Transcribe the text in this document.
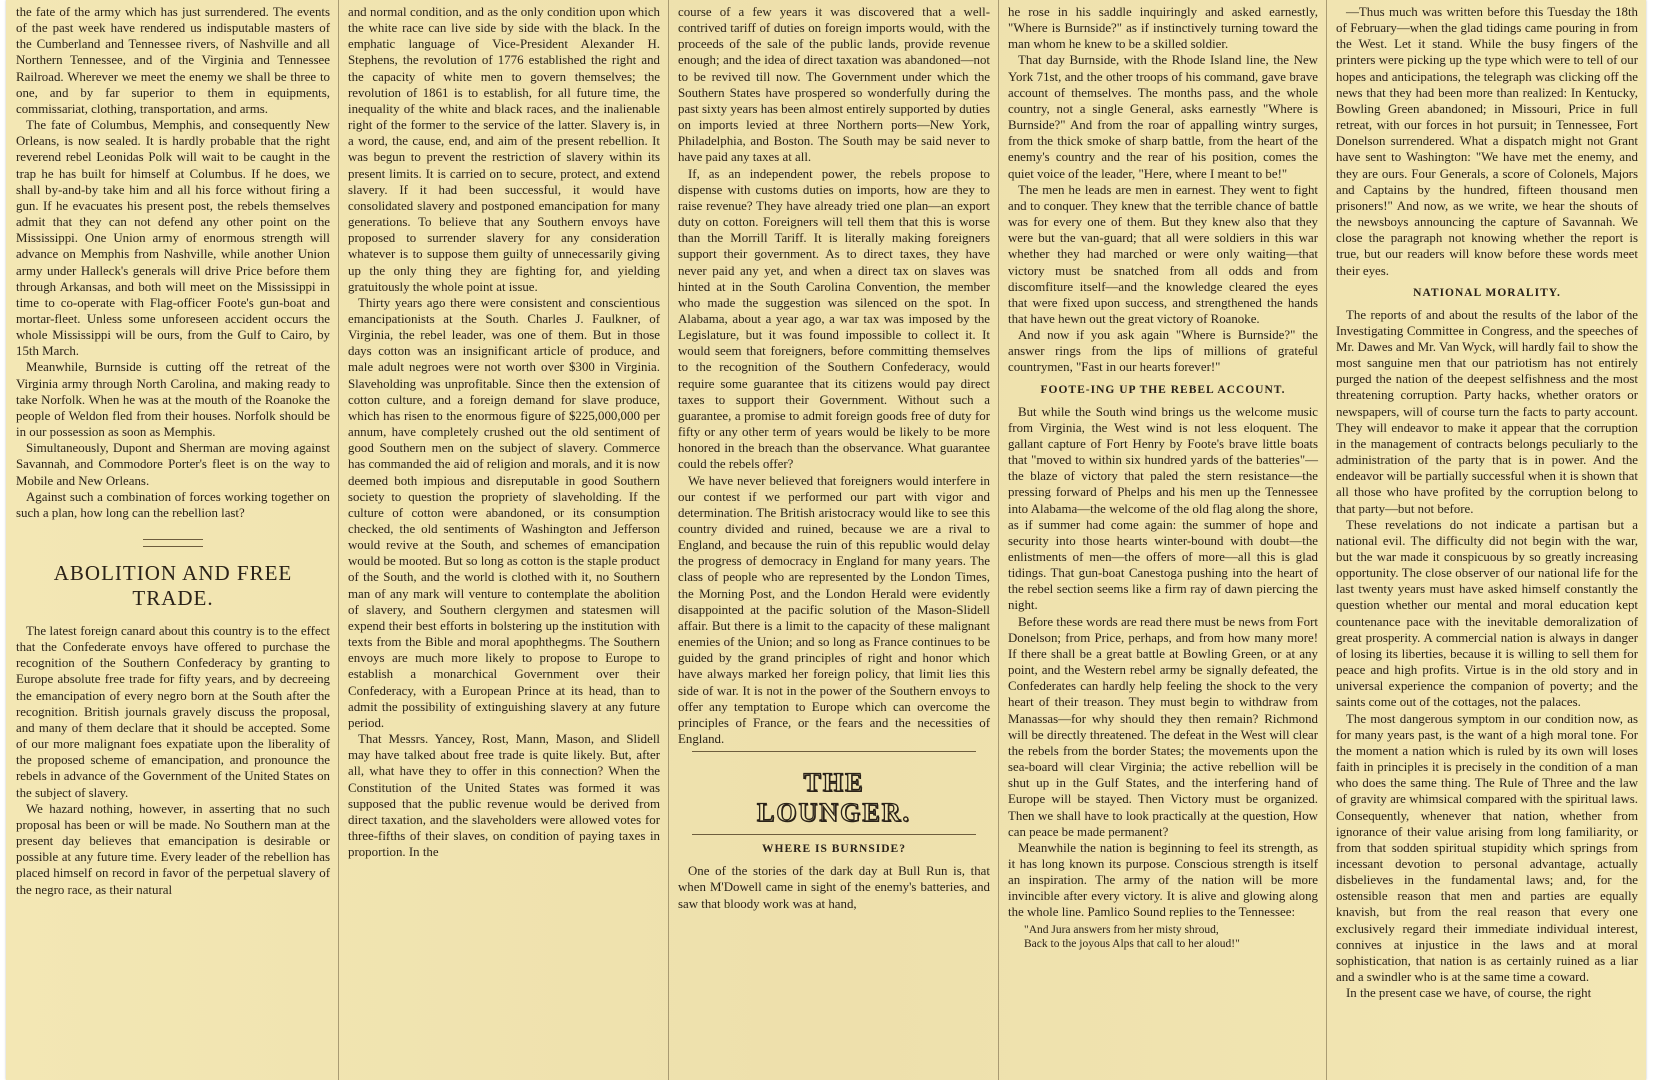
the fate of the army which has just surrendered. The events of the past week have rendered us indisputable masters of the Cumberland and Tennessee rivers, of Nashville and all Northern Tennessee, and of the Virginia and Tennessee Railroad. Wherever we meet the enemy we shall be three to one, and by far superior to them in equipments, commissariat, clothing, transportation, and arms.

The fate of Columbus, Memphis, and consequently New Orleans, is now sealed. It is hardly probable that the right reverend rebel Leonidas Polk will wait to be caught in the trap he has built for himself at Columbus. If he does, we shall by-and-by take him and all his force without firing a gun. If he evacuates his present post, the rebels themselves admit that they can not defend any other point on the Mississippi. One Union army of enormous strength will advance on Memphis from Nashville, while another Union army under Halleck's generals will drive Price before them through Arkansas, and both will meet on the Mississippi in time to co-operate with Flag-officer Foote's gun-boat and mortar-fleet. Unless some unforeseen accident occurs the whole Mississippi will be ours, from the Gulf to Cairo, by 15th March.

Meanwhile, Burnside is cutting off the retreat of the Virginia army through North Carolina, and making ready to take Norfolk. When he was at the mouth of the Roanoke the people of Weldon fled from their houses. Norfolk should be in our possession as soon as Memphis.

Simultaneously, Dupont and Sherman are moving against Savannah, and Commodore Porter's fleet is on the way to Mobile and New Orleans.

Against such a combination of forces working together on such a plan, how long can the rebellion last?

ABOLITION AND FREE TRADE.

The latest foreign canard about this country is to the effect that the Confederate envoys have offered to purchase the recognition of the Southern Confederacy by granting to Europe absolute free trade for fifty years, and by decreeing the emancipation of every negro born at the South after the recognition. British journals gravely discuss the proposal, and many of them declare that it should be accepted. Some of our more malignant foes expatiate upon the liberality of the proposed scheme of emancipation, and pronounce the rebels in advance of the Government of the United States on the subject of slavery.

We hazard nothing, however, in asserting that no such proposal has been or will be made. No Southern man at the present day believes that emancipation is desirable or possible at any future time. Every leader of the rebellion has placed himself on record in favor of the perpetual slavery of the negro race, as their natural

and normal condition, and as the only condition upon which the white race can live side by side with the black. In the emphatic language of Vice-President Alexander H. Stephens, the revolution of 1776 established the right and the capacity of white men to govern themselves; the revolution of 1861 is to establish, for all future time, the inequality of the white and black races, and the inalienable right of the former to the service of the latter. Slavery is, in a word, the cause, end, and aim of the present rebellion. It was begun to prevent the restriction of slavery within its present limits. It is carried on to secure, protect, and extend slavery. If it had been successful, it would have consolidated slavery and postponed emancipation for many generations. To believe that any Southern envoys have proposed to surrender slavery for any consideration whatever is to suppose them guilty of unnecessarily giving up the only thing they are fighting for, and yielding gratuitously the whole point at issue.

Thirty years ago there were consistent and conscientious emancipationists at the South. Charles J. Faulkner, of Virginia, the rebel leader, was one of them. But in those days cotton was an insignificant article of produce, and male adult negroes were not worth over $300 in Virginia. Slaveholding was unprofitable. Since then the extension of cotton culture, and a foreign demand for slave produce, which has risen to the enormous figure of $225,000,000 per annum, have completely crushed out the old sentiment of good Southern men on the subject of slavery. Commerce has commanded the aid of religion and morals, and it is now deemed both impious and disreputable in good Southern society to question the propriety of slaveholding. If the culture of cotton were abandoned, or its consumption checked, the old sentiments of Washington and Jefferson would revive at the South, and schemes of emancipation would be mooted. But so long as cotton is the staple product of the South, and the world is clothed with it, no Southern man of any mark will venture to contemplate the abolition of slavery, and Southern clergymen and statesmen will expend their best efforts in bolstering up the institution with texts from the Bible and moral apophthegms. The Southern envoys are much more likely to propose to Europe to establish a monarchical Government over their Confederacy, with a European Prince at its head, than to admit the possibility of extinguishing slavery at any future period.

That Messrs. Yancey, Rost, Mann, Mason, and Slidell may have talked about free trade is quite likely. But, after all, what have they to offer in this connection? When the Constitution of the United States was formed it was supposed that the public revenue would be derived from direct taxation, and the slaveholders were allowed votes for three-fifths of their slaves, on condition of paying taxes in proportion. In the

course of a few years it was discovered that a well-contrived tariff of duties on foreign imports would, with the proceeds of the sale of the public lands, provide revenue enough; and the idea of direct taxation was abandoned—not to be revived till now. The Government under which the Southern States have prospered so wonderfully during the past sixty years has been almost entirely supported by duties on imports levied at three Northern ports—New York, Philadelphia, and Boston. The South may be said never to have paid any taxes at all.

If, as an independent power, the rebels propose to dispense with customs duties on imports, how are they to raise revenue? They have already tried one plan—an export duty on cotton. Foreigners will tell them that this is worse than the Morrill Tariff. It is literally making foreigners support their government. As to direct taxes, they have never paid any yet, and when a direct tax on slaves was hinted at in the South Carolina Convention, the member who made the suggestion was silenced on the spot. In Alabama, about a year ago, a war tax was imposed by the Legislature, but it was found impossible to collect it. It would seem that foreigners, before committing themselves to the recognition of the Southern Confederacy, would require some guarantee that its citizens would pay direct taxes to support their Government. Without such a guarantee, a promise to admit foreign goods free of duty for fifty or any other term of years would be likely to be more honored in the breach than the observance. What guarantee could the rebels offer?

We have never believed that foreigners would interfere in our contest if we performed our part with vigor and determination. The British aristocracy would like to see this country divided and ruined, because we are a rival to England, and because the ruin of this republic would delay the progress of democracy in England for many years. The class of people who are represented by the London Times, the Morning Post, and the London Herald were evidently disappointed at the pacific solution of the Mason-Slidell affair. But there is a limit to the capacity of these malignant enemies of the Union; and so long as France continues to be guided by the grand principles of right and honor which have always marked her foreign policy, that limit lies this side of war. It is not in the power of the Southern envoys to offer any temptation to Europe which can overcome the principles of France, or the fears and the necessities of England.

THE LOUNGER.
WHERE IS BURNSIDE?

One of the stories of the dark day at Bull Run is, that when M'Dowell came in sight of the enemy's batteries, and saw that bloody work was at hand,

he rose in his saddle inquiringly and asked earnestly, "Where is Burnside?" as if instinctively turning toward the man whom he knew to be a skilled soldier.

That day Burnside, with the Rhode Island line, the New York 71st, and the other troops of his command, gave brave account of themselves. The months pass, and the whole country, not a single General, asks earnestly "Where is Burnside?" And from the roar of appalling wintry surges, from the thick smoke of sharp battle, from the heart of the enemy's country and the rear of his position, comes the quiet voice of the leader, "Here, where I meant to be!"

The men he leads are men in earnest. They went to fight and to conquer. They knew that the terrible chance of battle was for every one of them. But they knew also that they were but the van-guard; that all were soldiers in this war whether they had marched or were only waiting—that victory must be snatched from all odds and from discomfiture itself—and the knowledge cleared the eyes that were fixed upon success, and strengthened the hands that have hewn out the great victory of Roanoke.

And now if you ask again "Where is Burnside?" the answer rings from the lips of millions of grateful countrymen, "Fast in our hearts forever!"

FOOTE-ING UP THE REBEL ACCOUNT.

But while the South wind brings us the welcome music from Virginia, the West wind is not less eloquent. The gallant capture of Fort Henry by Foote's brave little boats that "moved to within six hundred yards of the batteries"—the blaze of victory that paled the stern resistance—the pressing forward of Phelps and his men up the Tennessee into Alabama—the welcome of the old flag along the shore, as if summer had come again: the summer of hope and security into those hearts winter-bound with doubt—the enlistments of men—the offers of more—all this is glad tidings. That gun-boat Canestoga pushing into the heart of the rebel section seems like a firm ray of dawn piercing the night.

Before these words are read there must be news from Fort Donelson; from Price, perhaps, and from how many more! If there shall be a great battle at Bowling Green, or at any point, and the Western rebel army be signally defeated, the Confederates can hardly help feeling the shock to the very heart of their treason. They must begin to withdraw from Manassas—for why should they then remain? Richmond will be directly threatened. The defeat in the West will clear the rebels from the border States; the movements upon the sea-board will clear Virginia; the active rebellion will be shut up in the Gulf States, and the interfering hand of Europe will be stayed. Then Victory must be organized. Then we shall have to look practically at the question, How can peace be made permanent?

Meanwhile the nation is beginning to feel its strength, as it has long known its purpose. Conscious strength is itself an inspiration. The army of the nation will be more invincible after every victory. It is alive and glowing along the whole line. Pamlico Sound replies to the Tennessee:

"And Jura answers from her misty shroud,
Back to the joyous Alps that call to her aloud!"

—Thus much was written before this Tuesday the 18th of February—when the glad tidings came pouring in from the West. Let it stand. While the busy fingers of the printers were picking up the type which were to tell of our hopes and anticipations, the telegraph was clicking off the news that they had been more than realized: In Kentucky, Bowling Green abandoned; in Missouri, Price in full retreat, with our forces in hot pursuit; in Tennessee, Fort Donelson surrendered. What a dispatch might not Grant have sent to Washington: "We have met the enemy, and they are ours. Four Generals, a score of Colonels, Majors and Captains by the hundred, fifteen thousand men prisoners!" And now, as we write, we hear the shouts of the newsboys announcing the capture of Savannah. We close the paragraph not knowing whether the report is true, but our readers will know before these words meet their eyes.

NATIONAL MORALITY.

The reports of and about the results of the labor of the Investigating Committee in Congress, and the speeches of Mr. Dawes and Mr. Van Wyck, will hardly fail to show the most sanguine men that our patriotism has not entirely purged the nation of the deepest selfishness and the most threatening corruption. Party hacks, whether orators or newspapers, will of course turn the facts to party account. They will endeavor to make it appear that the corruption in the management of contracts belongs peculiarly to the administration of the party that is in power. And the endeavor will be partially successful when it is shown that all those who have profited by the corruption belong to that party—but not before.

These revelations do not indicate a partisan but a national evil. The difficulty did not begin with the war, but the war made it conspicuous by so greatly increasing opportunity. The close observer of our national life for the last twenty years must have asked himself constantly the question whether our mental and moral education kept countenance pace with the inevitable demoralization of great prosperity. A commercial nation is always in danger of losing its liberties, because it is willing to sell them for peace and high profits. Virtue is in the old story and in universal experience the companion of poverty; and the saints come out of the cottages, not the palaces.

The most dangerous symptom in our condition now, as for many years past, is the want of a high moral tone. For the moment a nation which is ruled by its own will loses faith in principles it is precisely in the condition of a man who does the same thing. The Rule of Three and the law of gravity are whimsical compared with the spiritual laws. Consequently, whenever that nation, whether from ignorance of their value arising from long familiarity, or from that sodden spiritual stupidity which springs from incessant devotion to personal advantage, actually disbelieves in the fundamental laws; and, for the ostensible reason that men and parties are equally knavish, but from the real reason that every one exclusively regard their immediate individual interest, connives at injustice in the laws and at moral sophistication, that nation is as certainly ruined as a liar and a swindler who is at the same time a coward.

In the present case we have, of course, the right
